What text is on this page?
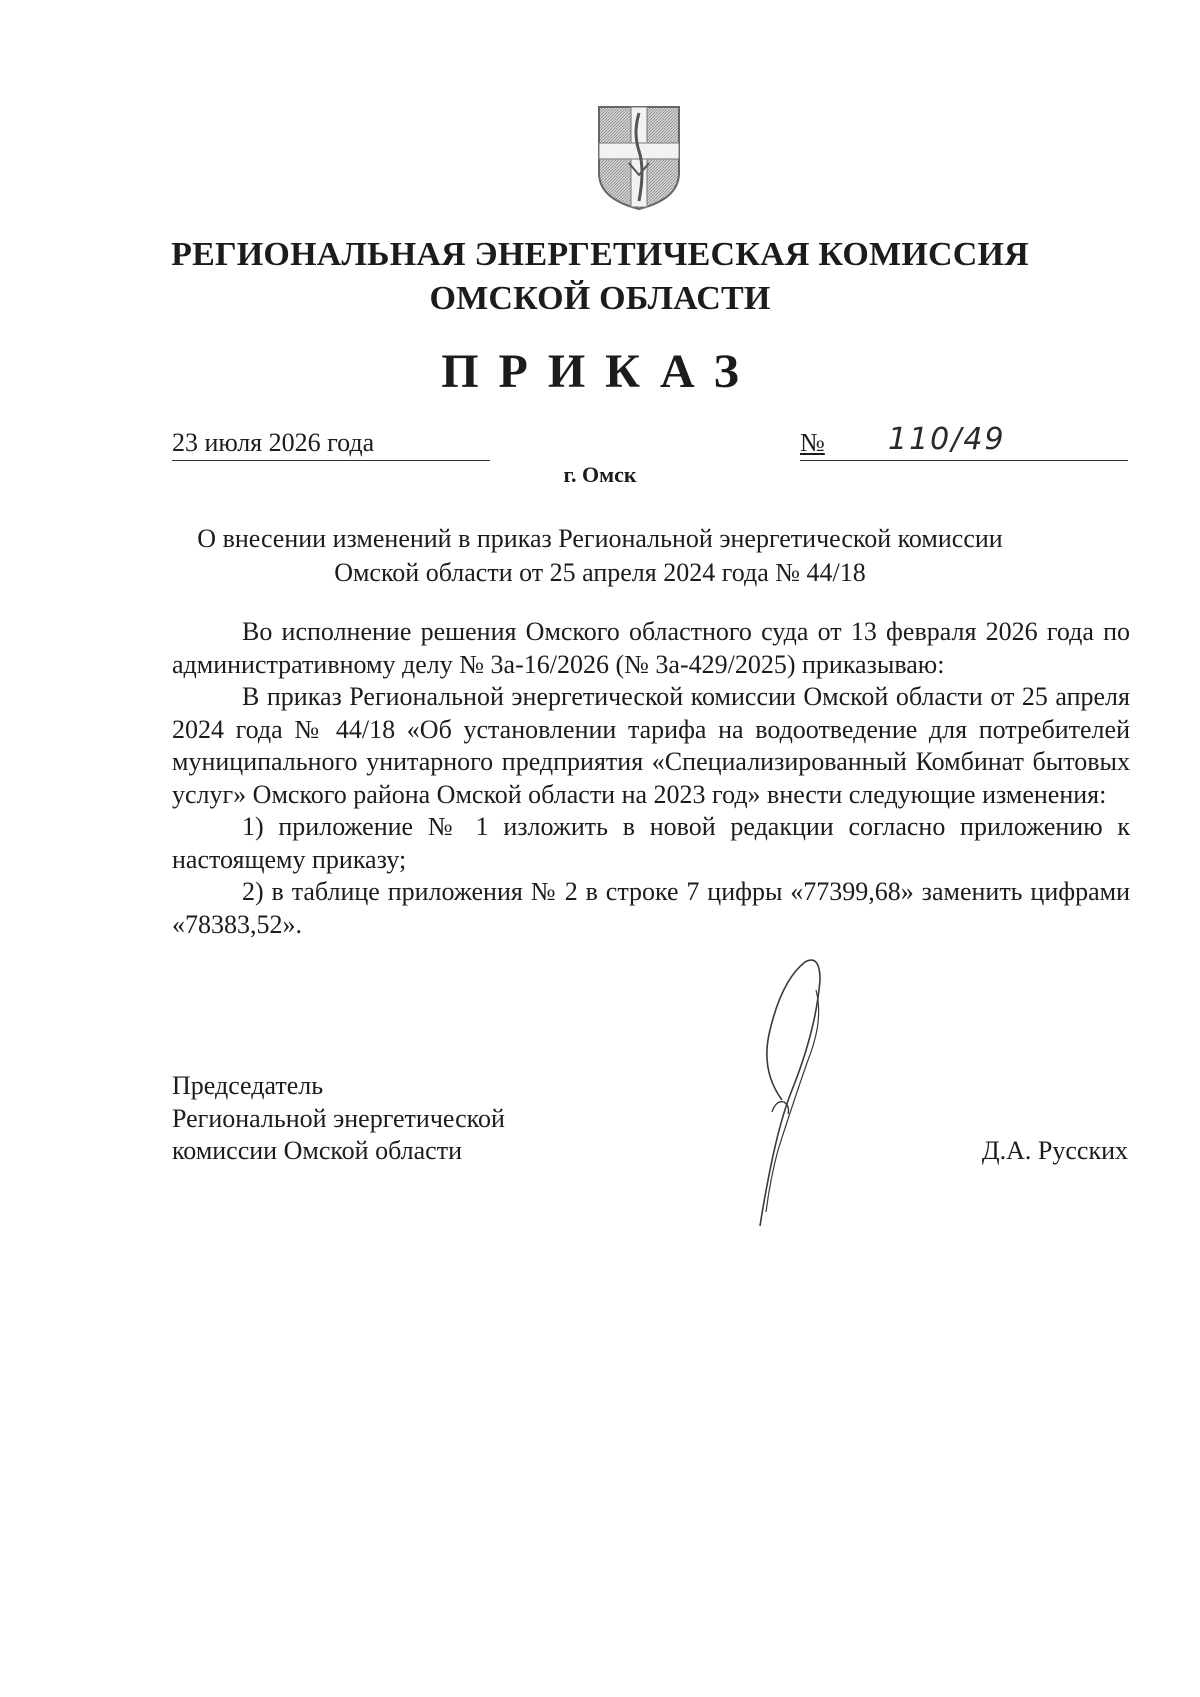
РЕГИОНАЛЬНАЯ ЭНЕРГЕТИЧЕСКАЯ КОМИССИЯ
ОМСКОЙ ОБЛАСТИ
ПРИКАЗ
23 июля 2026 года	№ 110/49
г. Омск
О внесении изменений в приказ Региональной энергетической комиссии
Омской области от 25 апреля 2024 года № 44/18

Во исполнение решения Омского областного суда от 13 февраля 2026 года по административному делу № 3а-16/2026 (№ 3а-429/2025) приказываю:

В приказ Региональной энергетической комиссии Омской области от 25 апреля 2024 года № 44/18 «Об установлении тарифа на водоотведение для потребителей муниципального унитарного предприятия «Специализированный Комбинат бытовых услуг» Омского района Омской области на 2023 год» внести следующие изменения:

1) приложение № 1 изложить в новой редакции согласно приложению к настоящему приказу;

2) в таблице приложения № 2 в строке 7 цифры «77399,68» заменить цифрами «78383,52».

Председатель
Региональной энергетической
комиссии Омской области	Д.А. Русских
